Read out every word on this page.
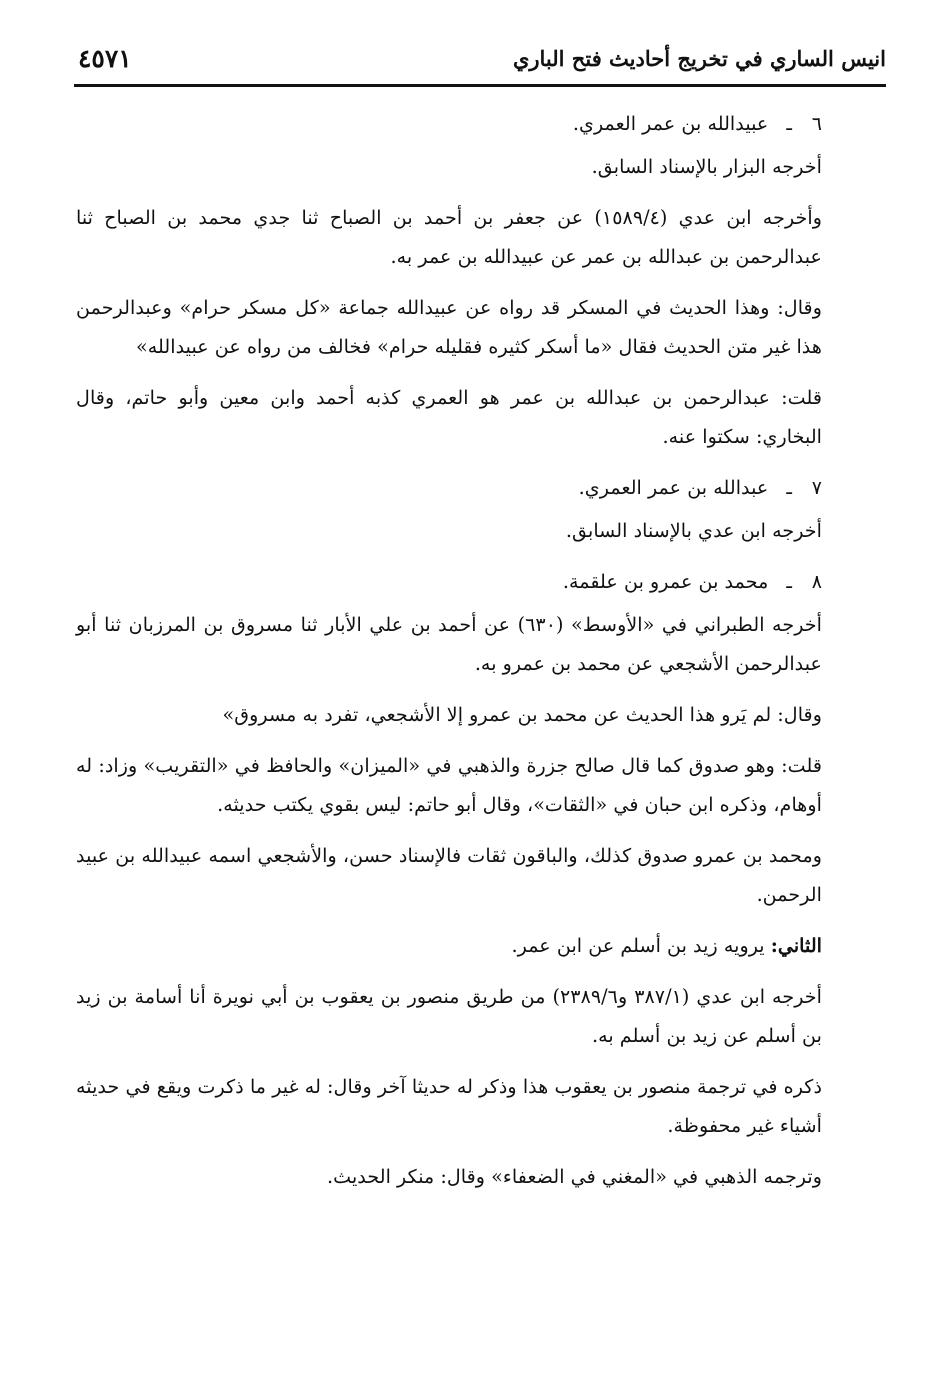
٤٥٧١	انيس الساري في تخريج أحاديث فتح الباري

٦ـعبيدالله بن عمر العمري.

أخرجه البزار بالإسناد السابق.

وأخرجه ابن عدي (١٥٨٩/٤) عن جعفر بن أحمد بن الصباح ثنا جدي محمد بن الصباح ثنا عبدالرحمن بن عبدالله بن عمر عن عبيدالله بن عمر به.

وقال: وهذا الحديث في المسكر قد رواه عن عبيدالله جماعة «كل مسكر حرام» وعبدالرحمن هذا غير متن الحديث فقال «ما أسكر كثيره فقليله حرام» فخالف من رواه عن عبيدالله»

قلت: عبدالرحمن بن عبدالله بن عمر هو العمري كذبه أحمد وابن معين وأبو حاتم، وقال البخاري: سكتوا عنه.

٧ـعبدالله بن عمر العمري.

أخرجه ابن عدي بالإسناد السابق.

٨ـمحمد بن عمرو بن علقمة.

أخرجه الطبراني في «الأوسط» (٦٣٠) عن أحمد بن علي الأبار ثنا مسروق بن المرزبان ثنا أبو عبدالرحمن الأشجعي عن محمد بن عمرو به.

وقال: لم يَرو هذا الحديث عن محمد بن عمرو إلا الأشجعي، تفرد به مسروق»

قلت: وهو صدوق كما قال صالح جزرة والذهبي في «الميزان» والحافظ في «التقريب» وزاد: له أوهام، وذكره ابن حبان في «الثقات»، وقال أبو حاتم: ليس بقوي يكتب حديثه.

ومحمد بن عمرو صدوق كذلك، والباقون ثقات فالإسناد حسن، والأشجعي اسمه عبيدالله بن عبيد الرحمن.

الثاني: يرويه زيد بن أسلم عن ابن عمر.

أخرجه ابن عدي (٣٨٧/١ و٢٣٨٩/٦) من طريق منصور بن يعقوب بن أبي نويرة أنا أسامة بن زيد بن أسلم عن زيد بن أسلم به.

ذكره في ترجمة منصور بن يعقوب هذا وذكر له حديثا آخر وقال: له غير ما ذكرت ويقع في حديثه أشياء غير محفوظة.

وترجمه الذهبي في «المغني في الضعفاء» وقال: منكر الحديث.
